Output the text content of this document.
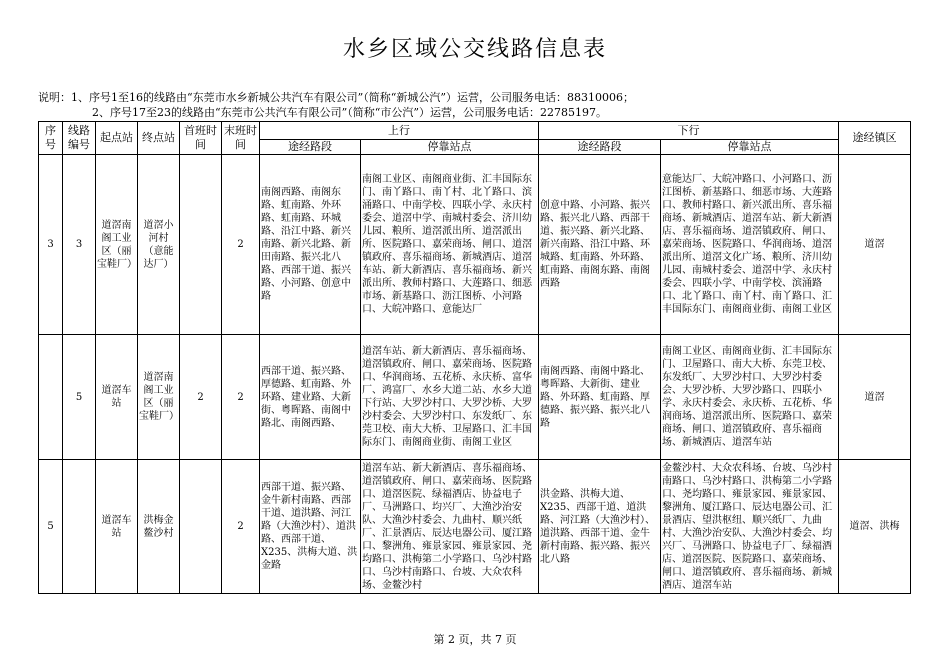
水乡区域公交线路信息表
说明：1、序号1至16的线路由“东莞市水乡新城公共汽车有限公司”（简称“新城公汽”）运营，公司服务电话：88310006；
2、序号17至23的线路由“东莞市公共汽车有限公司”（简称“市公汽”）运营，公司服务电话：22785197。
序号	线路编号	起点站	终点站	首班时间	末班时间	上行		下行		途经镇区
						途经路段	停靠站点	途经路段	停靠站点	
3	3	道滘南阁工业区（丽宝鞋厂）	道滘小河村（意能达厂）		2	南阁西路、南阁东路、虹南路、外环路、虹南路、环城路、沿江中路、新兴南路、新兴北路、新田南路、振兴北八路、西部干道、振兴路、小河路、创意中路	南阁工业区、南阁商业街、汇丰国际东门、南丫路口、南丫村、北丫路口、滨涌路口、中南学校、四联小学、永庆村委会、道滘中学、南城村委会、济川幼儿园、粮所、道滘派出所、道滘派出所、医院路口、嘉荣商场、闸口、道滘镇政府、喜乐福商场、新城酒店、道滘车站、新大新酒店、喜乐福商场、新兴派出所、教师村路口、大莲路口、细恶市场、新基路口、沥江图桥、小河路口、大皖冲路口、意能达厂	创意中路、小河路、振兴路、振兴北八路、西部干道、振兴路、新兴北路、新兴南路、沿江中路、环城路、虹南路、外环路、虹南路、南阁东路、南阁西路	意能达厂、大皖冲路口、小河路口、沥江图桥、新基路口、细恶市场、大莲路口、教师村路口、新兴派出所、喜乐福商场、新城酒店、道滘车站、新大新酒店、喜乐福商场、道滘镇政府、闸口、嘉荣商场、医院路口、华润商场、道滘派出所、道滘文化广场、粮所、济川幼儿园、南城村委会、道滘中学、永庆村委会、四联小学、中南学校、滨涌路口、北丫路口、南丫村、南丫路口、汇丰国际东门、南阁商业街、南阁工业区	道滘
	5	道滘车站	道滘南阁工业区（丽宝鞋厂）	2	2	西部干道、振兴路、厚德路、虹南路、外环路、建业路、大新街、粤晖路、南阁中路北、南阁西路、	道滘车站、新大新酒店、喜乐福商场、道滘镇政府、闸口、嘉荣商场、医院路口、华润商场、五花桥、永庆桥、富华厂、鸿富厂、水乡大道二站、水乡大道下行站、大罗沙村口、大罗沙桥、大罗沙村委会、大罗沙村口、东发纸厂、东莞卫校、南大大桥、卫屋路口、汇丰国际东门、南阁商业街、南阁工业区	南阁西路、南阁中路北、粤晖路、大新街、建业路、外环路、虹南路、厚德路、振兴路、振兴北八路	南阁工业区、南阁商业街、汇丰国际东门、卫屋路口、南大大桥、东莞卫校、东发纸厂、大罗沙村口、大罗沙村委会、大罗沙桥、大罗沙路口、四联小学、永庆村委会、永庆桥、五花桥、华润商场、道滘派出所、医院路口、嘉荣商场、闸口、道滘镇政府、喜乐福商场、新城酒店、道滘车站	道滘
5		道滘车站	洪梅金鳌沙村		2	西部干道、振兴路、金牛新村南路、西部干道、道洪路、河江路（大渔沙村）、道洪路、西部干道、X235、洪梅大道、洪金路	道滘车站、新大新酒店、喜乐福商场、道滘镇政府、闸口、嘉荣商场、医院路口、道滘医院、绿福酒店、协益电子厂、马洲路口、均兴厂、大渔沙治安队、大渔沙村委会、九曲村、顺兴纸厂、汇景酒店、辰达电器公司、厦江路口、黎洲角、雍景家园、雍景家园、尧均路口、洪梅第二小学路口、乌沙村路口、乌沙村南路口、台坡、大众农科场、金鳌沙村	洪金路、洪梅大道、X235、西部干道、道洪路、河江路（大渔沙村）、道洪路、西部干道、金牛新村南路、振兴路、振兴北八路	金鳌沙村、大众农科场、台坡、乌沙村南路口、乌沙村路口、洪梅第二小学路口、尧均路口、雍景家园、雍景家园、黎洲角、厦江路口、辰达电器公司、汇景酒店、望洪枢纽、顺兴纸厂、九曲村、大渔沙治安队、大渔沙村委会、均兴厂、马洲路口、协益电子厂、绿福酒店、道滘医院、医院路口、嘉荣商场、闸口、道滘镇政府、喜乐福商场、新城酒店、道滘车站	道滘、洪梅
第 2 页，共 7 页
